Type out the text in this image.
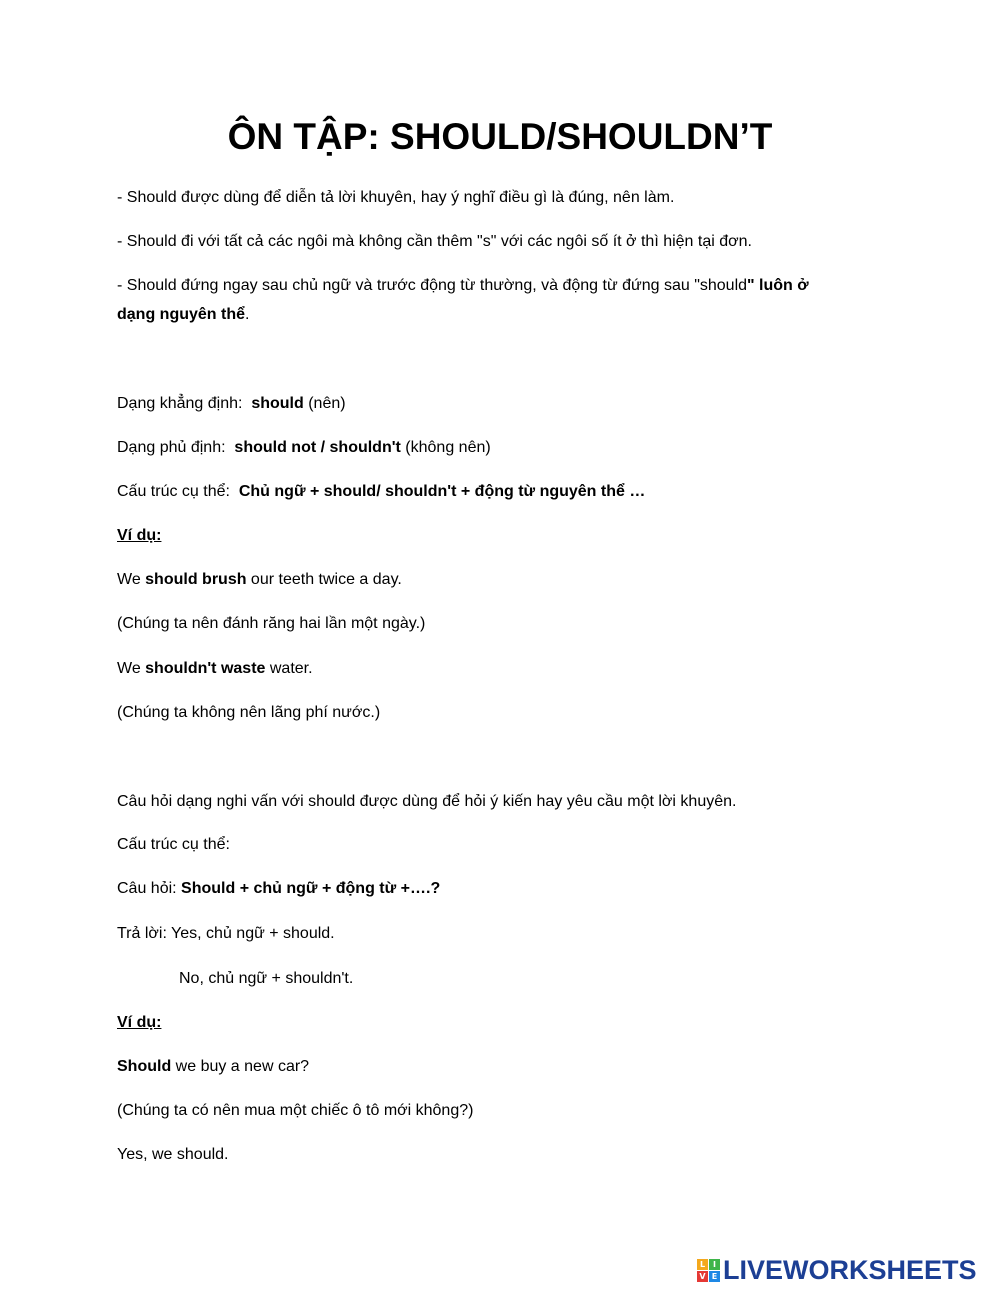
ÔN TẬP: SHOULD/SHOULDN’T

- Should được dùng để diễn tả lời khuyên, hay ý nghĩ điều gì là đúng, nên làm.

- Should đi với tất cả các ngôi mà không cần thêm "s" với các ngôi số ít ở thì hiện tại đơn.

- Should đứng ngay sau chủ ngữ và trước động từ thường, và động từ đứng sau "should" luôn ở

dạng nguyên thể.

Dạng khẳng định:  should (nên)

Dạng phủ định:  should not / shouldn't (không nên)

Cấu trúc cụ thể:  Chủ ngữ + should/ shouldn't + động từ nguyên thể …

Ví dụ:

We should brush our teeth twice a day.

(Chúng ta nên đánh răng hai lần một ngày.)

We shouldn't waste water.

(Chúng ta không nên lãng phí nước.)

Câu hỏi dạng nghi vấn với should được dùng để hỏi ý kiến hay yêu cầu một lời khuyên.

Cấu trúc cụ thể:

Câu hỏi: Should + chủ ngữ + động từ +….?

Trả lời: Yes, chủ ngữ + should.

No, chủ ngữ + shouldn't.

Ví dụ:

Should we buy a new car?

(Chúng ta có nên mua một chiếc ô tô mới không?)

Yes, we should.

L I
V E LIVEWORKSHEETS
